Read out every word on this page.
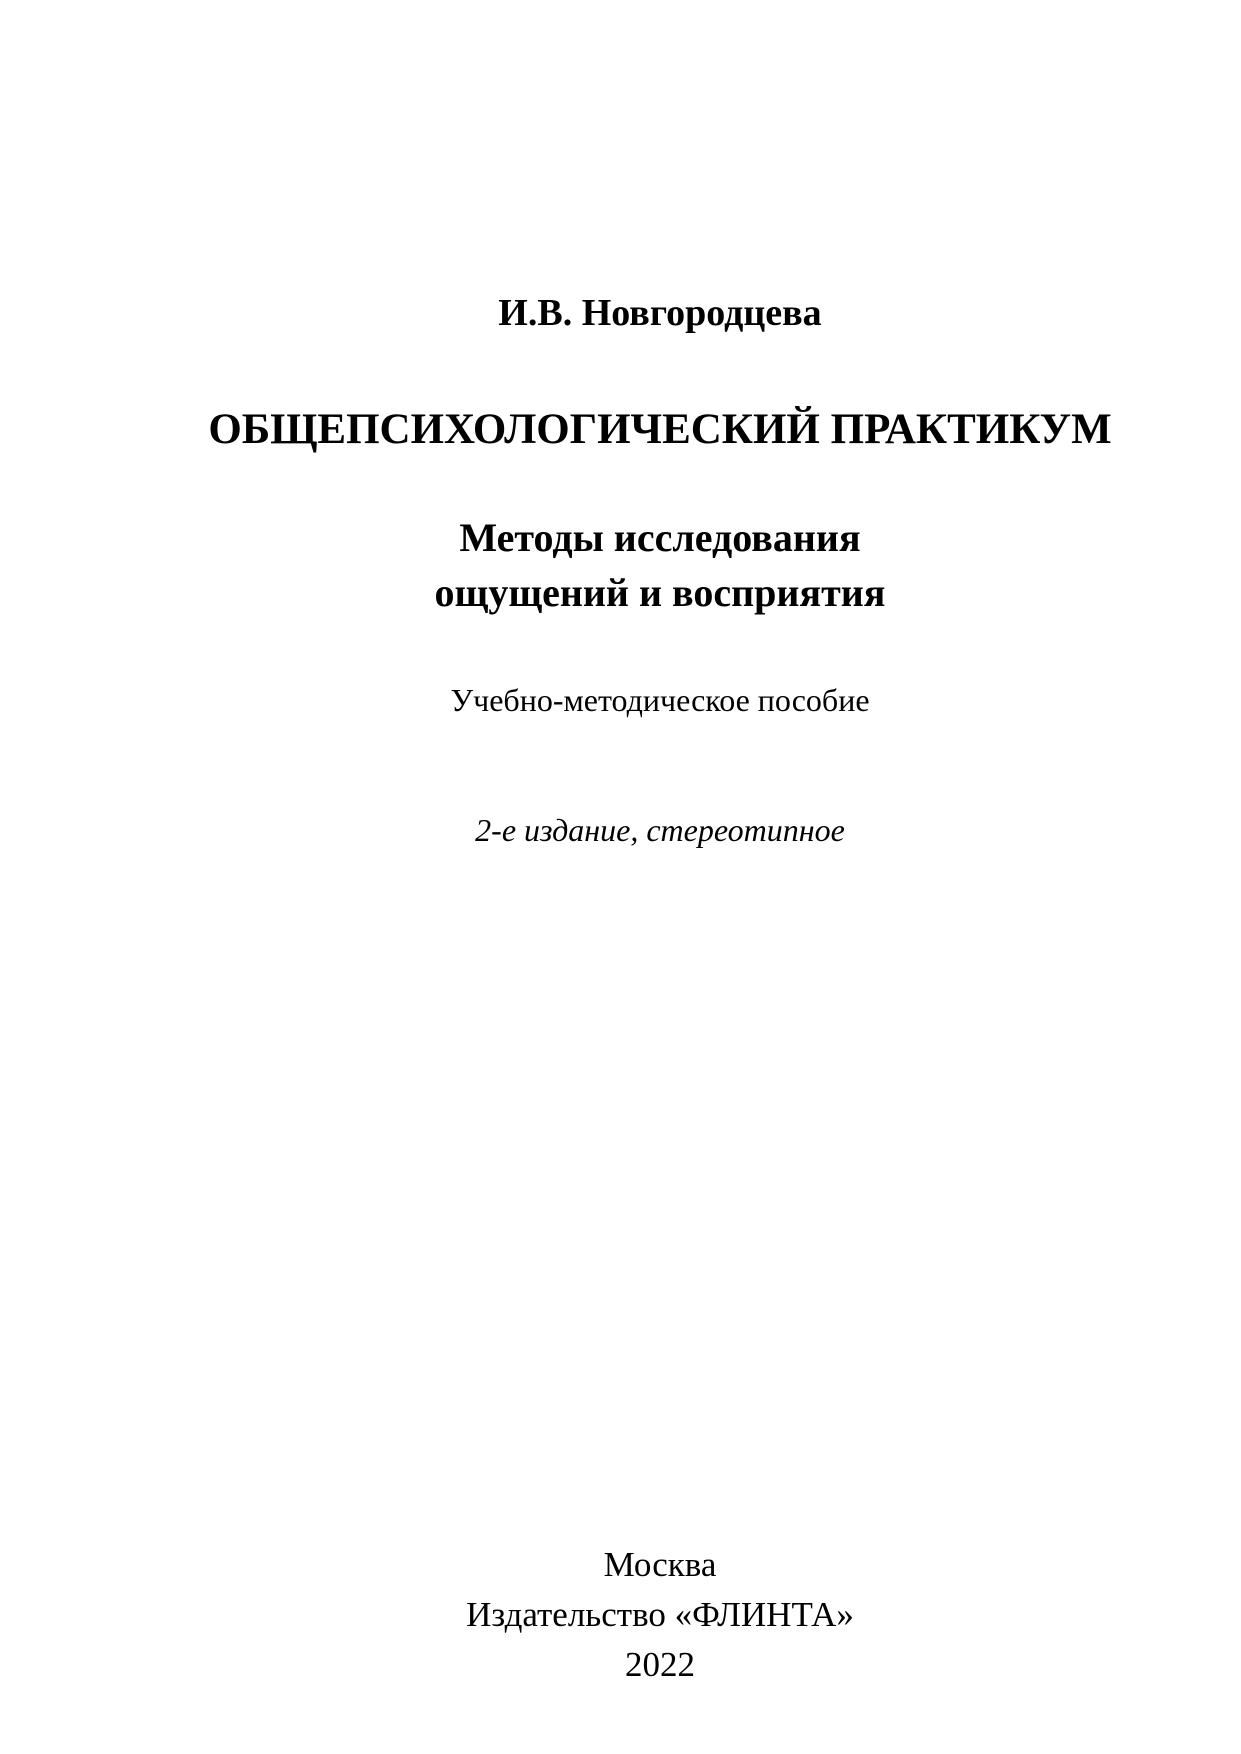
И.В. Новгородцева
ОБЩЕПСИХОЛОГИЧЕСКИЙ ПРАКТИКУМ
Методы исследования
ощущений и восприятия
Учебно-методическое пособие
2-е издание, стереотипное
Москва
Издательство «ФЛИНТА»
2022
